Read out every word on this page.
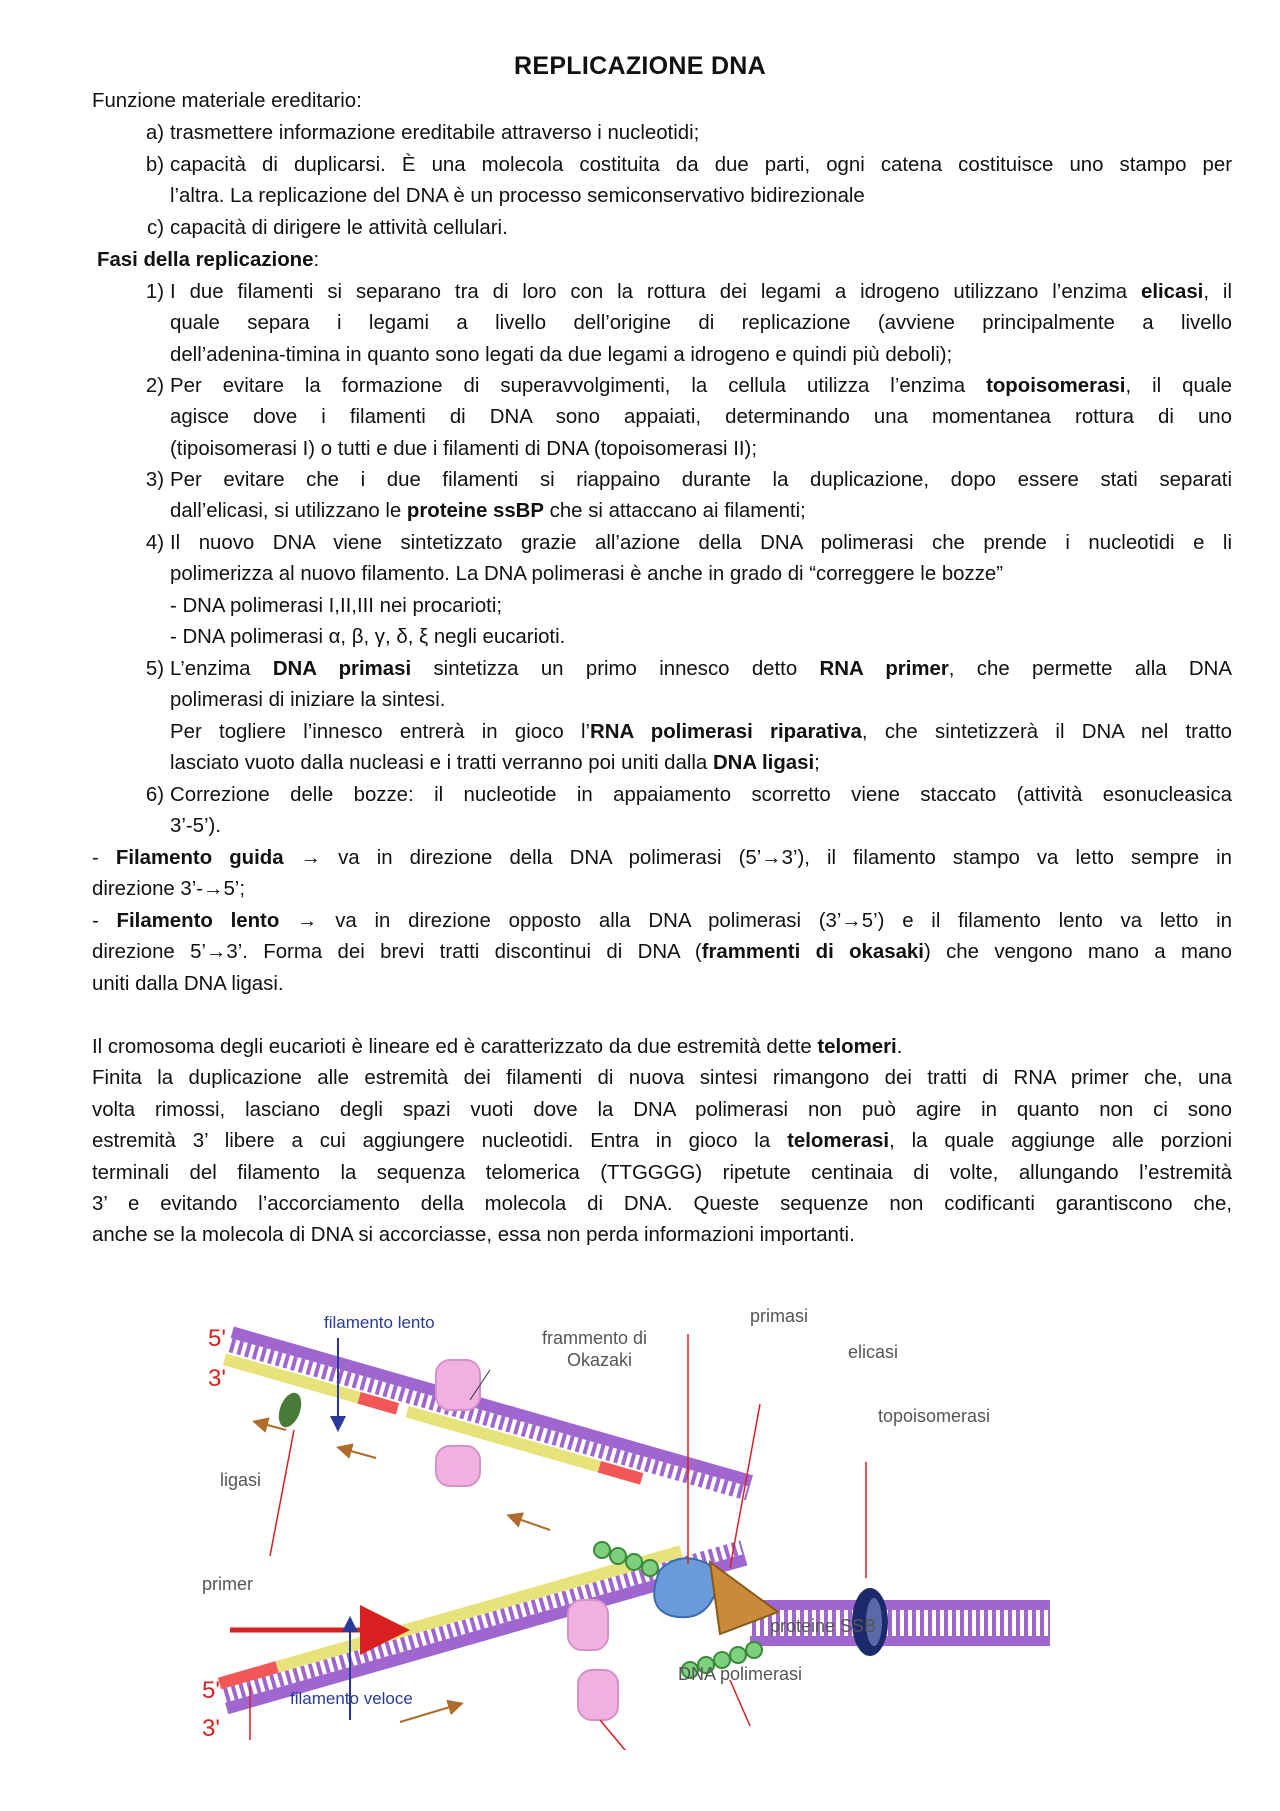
REPLICAZIONE DNA
Funzione materiale ereditario:
a) trasmettere informazione ereditabile attraverso i nucleotidi;
b) capacità di duplicarsi. È una molecola costituita da due parti, ogni catena costituisce uno stampo per
l’altra. La replicazione del DNA è un processo semiconservativo bidirezionale
c) capacità di dirigere le attività cellulari.
Fasi della replicazione:
1) I due filamenti si separano tra di loro con la rottura dei legami a idrogeno utilizzano l’enzima elicasi, il
quale separa i legami a livello dell’origine di replicazione (avviene principalmente a livello
dell’adenina-timina in quanto sono legati da due legami a idrogeno e quindi più deboli);
2) Per evitare la formazione di superavvolgimenti, la cellula utilizza l’enzima topoisomerasi, il quale
agisce dove i filamenti di DNA sono appaiati, determinando una momentanea rottura di uno
(tipoisomerasi I) o tutti e due i filamenti di DNA (topoisomerasi II);
3) Per evitare che i due filamenti si riappaino durante la duplicazione, dopo essere stati separati
dall’elicasi, si utilizzano le proteine ssBP che si attaccano ai filamenti;
4) Il nuovo DNA viene sintetizzato grazie all’azione della DNA polimerasi che prende i nucleotidi e li
polimerizza al nuovo filamento. La DNA polimerasi è anche in grado di “correggere le bozze”
- DNA polimerasi I,II,III nei procarioti;
- DNA polimerasi α, β, γ, δ, ξ negli eucarioti.
5) L’enzima DNA primasi sintetizza un primo innesco detto RNA primer, che permette alla DNA
polimerasi di iniziare la sintesi.
Per togliere l’innesco entrerà in gioco l’RNA polimerasi riparativa, che sintetizzerà il DNA nel tratto
lasciato vuoto dalla nucleasi e i tratti verranno poi uniti dalla DNA ligasi;
6) Correzione delle bozze: il nucleotide in appaiamento scorretto viene staccato (attività esonucleasica
3’-5’).
- Filamento guida → va in direzione della DNA polimerasi (5’→3’), il filamento stampo va letto sempre in
direzione 3’-→5’;
- Filamento lento → va in direzione opposto alla DNA polimerasi (3’→5’) e il filamento lento va letto in
direzione 5’→3’. Forma dei brevi tratti discontinui di DNA (frammenti di okasaki) che vengono mano a mano
uniti dalla DNA ligasi.
Il cromosoma degli eucarioti è lineare ed è caratterizzato da due estremità dette telomeri.
Finita la duplicazione alle estremità dei filamenti di nuova sintesi rimangono dei tratti di RNA primer che, una
volta rimossi, lasciano degli spazi vuoti dove la DNA polimerasi non può agire in quanto non ci sono
estremità 3’ libere a cui aggiungere nucleotidi. Entra in gioco la telomerasi, la quale aggiunge alle porzioni
terminali del filamento la sequenza telomerica (TTGGGG) ripetute centinaia di volte, allungando l’estremità
3’ e evitando l’accorciamento della molecola di DNA. Queste sequenze non codificanti garantiscono che,
anche se la molecola di DNA si accorciasse, essa non perda informazioni importanti.
5'
3'
5'
3'
filamento lento
frammento di
Okazaki
primasi
elicasi
topoisomerasi
ligasi
primer
proteine SSB
DNA polimerasi
filamento veloce
